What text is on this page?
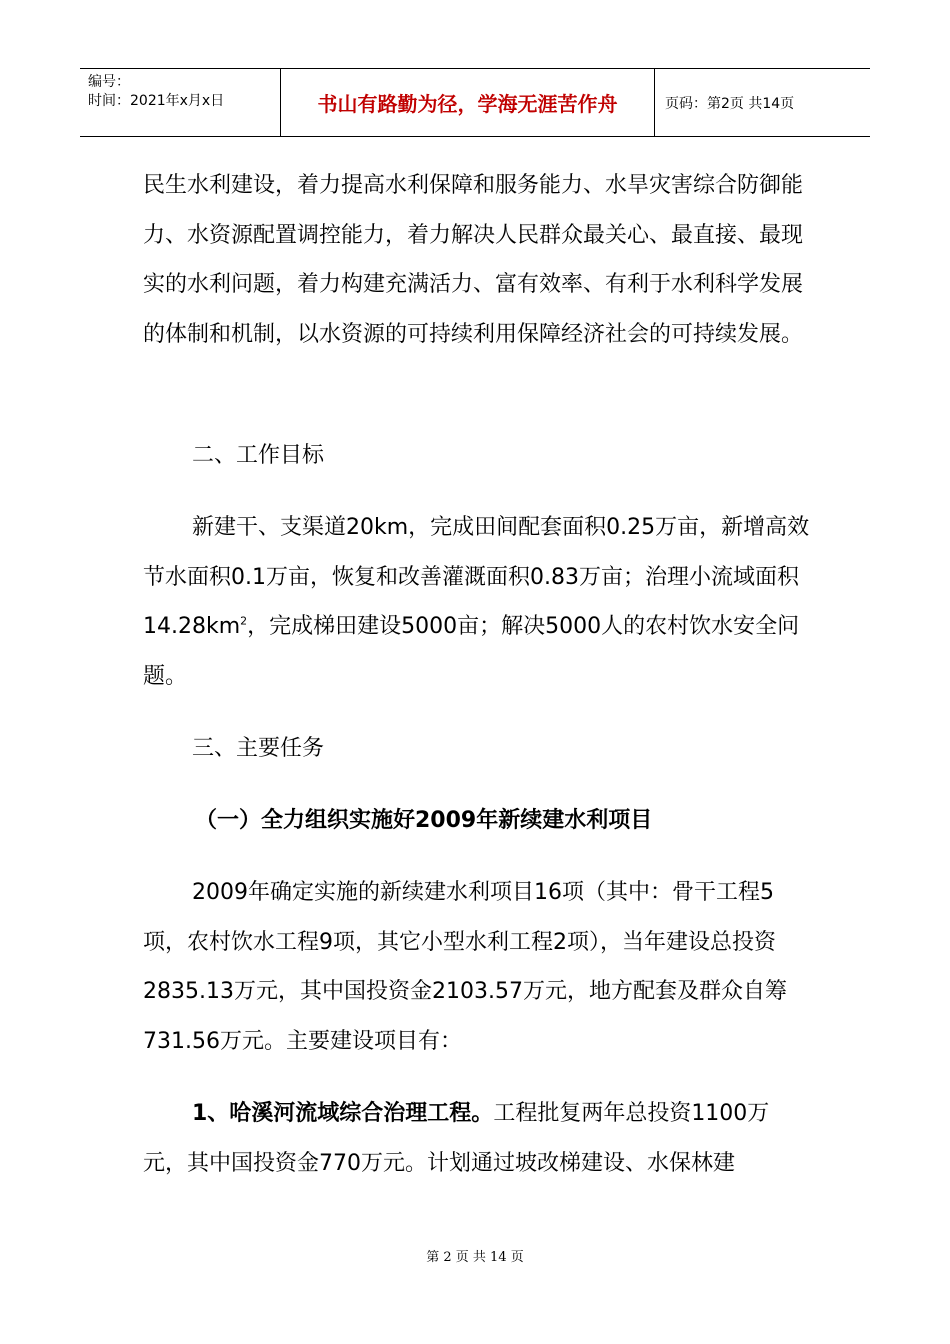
编号：
时间：2021年x月x日	书山有路勤为径，学海无涯苦作舟	页码：第2页 共14页

民生水利建设，着力提高水利保障和服务能力、水旱灾害综合防御能力、水资源配置调控能力，着力解决人民群众最关心、最直接、最现实的水利问题，着力构建充满活力、富有效率、有利于水利科学发展的体制和机制，以水资源的可持续利用保障经济社会的可持续发展。

二、工作目标

新建干、支渠道20km，完成田间配套面积0.25万亩，新增高效节水面积0.1万亩，恢复和改善灌溉面积0.83万亩；治理小流域面积$14.28km^2$，完成梯田建设5000亩；解决5000人的农村饮水安全问题。

三、主要任务

（一）全力组织实施好2009年新续建水利项目

2009年确定实施的新续建水利项目16项（其中：骨干工程5项，农村饮水工程9项，其它小型水利工程2项），当年建设总投资2835.13万元，其中国投资金2103.57万元，地方配套及群众自筹731.56万元。主要建设项目有：

1、哈溪河流域综合治理工程。工程批复两年总投资1100万元，其中国投资金770万元。计划通过坡改梯建设、水保林建

第 2 页 共 14 页
